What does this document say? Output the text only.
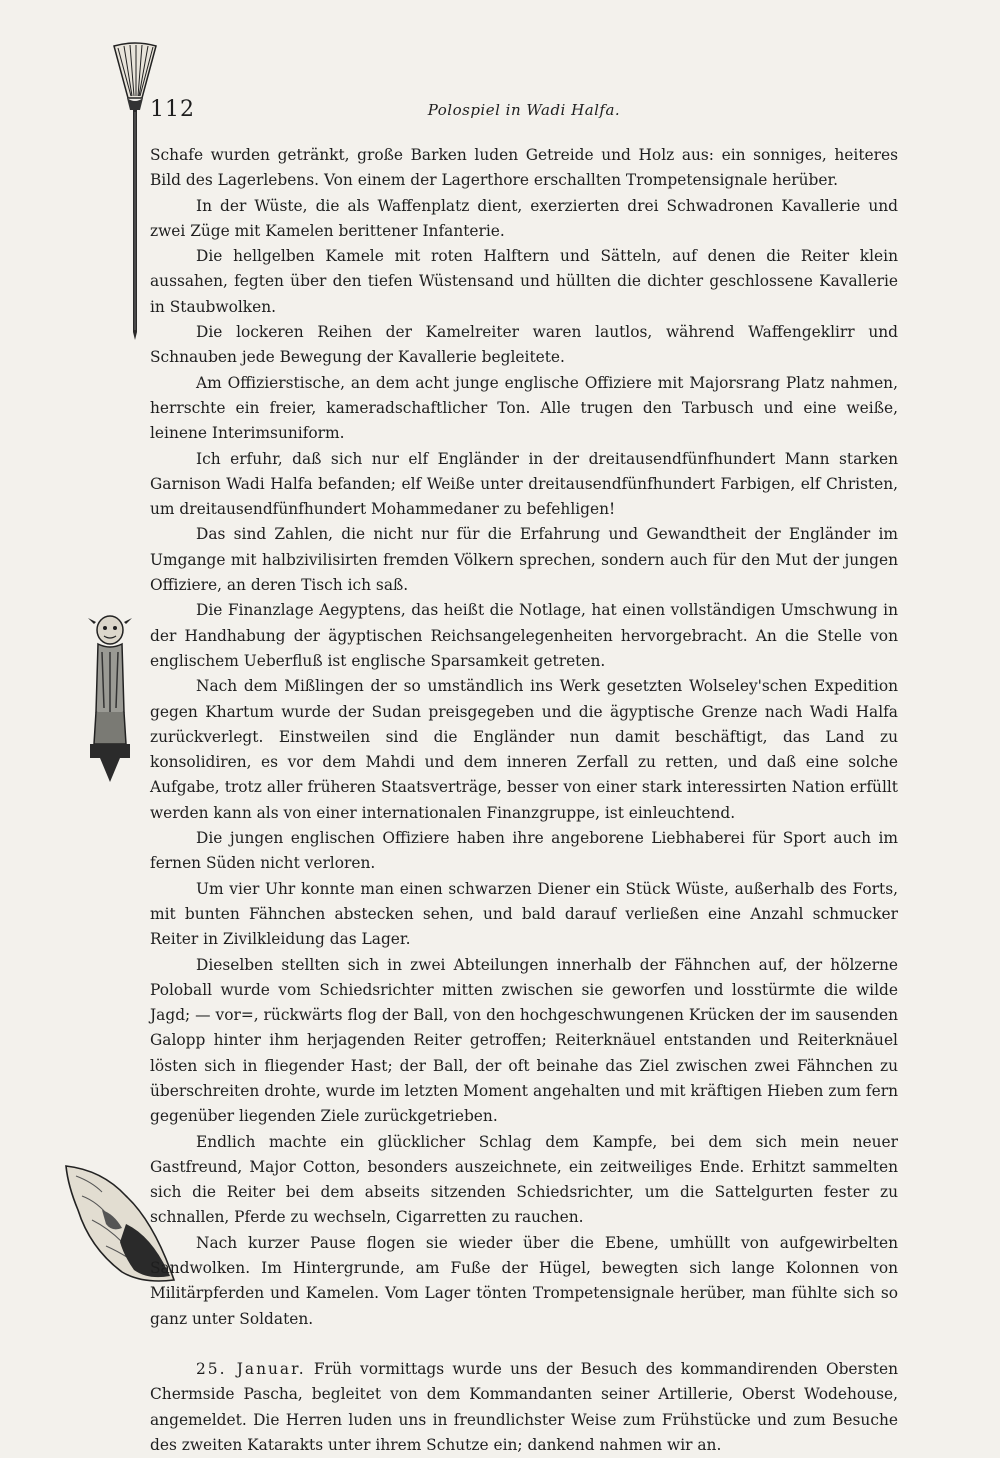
112	Polospiel in Wadi Halfa.

Schafe wurden getränkt, große Barken luden Getreide und Holz aus: ein sonniges, heiteres Bild des Lagerlebens. Von einem der Lagerthore erschallten Trompetensignale herüber.

In der Wüste, die als Waffenplatz dient, exerzierten drei Schwadronen Kavallerie und zwei Züge mit Kamelen berittener Infanterie.

Die hellgelben Kamele mit roten Halftern und Sätteln, auf denen die Reiter klein aussahen, fegten über den tiefen Wüstensand und hüllten die dichter geschlossene Kavallerie in Staubwolken.

Die lockeren Reihen der Kamelreiter waren lautlos, während Waffengeklirr und Schnauben jede Bewegung der Kavallerie begleitete.

Am Offizierstische, an dem acht junge englische Offiziere mit Majorsrang Platz nahmen, herrschte ein freier, kameradschaftlicher Ton. Alle trugen den Tarbusch und eine weiße, leinene Interimsuniform.

Ich erfuhr, daß sich nur elf Engländer in der dreitausendfünfhundert Mann starken Garnison Wadi Halfa befanden; elf Weiße unter dreitausendfünfhundert Farbigen, elf Christen, um dreitausendfünfhundert Mohammedaner zu befehligen!

Das sind Zahlen, die nicht nur für die Erfahrung und Gewandtheit der Engländer im Umgange mit halbzivilisirten fremden Völkern sprechen, sondern auch für den Mut der jungen Offiziere, an deren Tisch ich saß.

Die Finanzlage Aegyptens, das heißt die Notlage, hat einen vollständigen Umschwung in der Handhabung der ägyptischen Reichsangelegenheiten hervorgebracht. An die Stelle von englischem Ueberfluß ist englische Sparsamkeit getreten.

Nach dem Mißlingen der so umständlich ins Werk gesetzten Wolseley'schen Expedition gegen Khartum wurde der Sudan preisgegeben und die ägyptische Grenze nach Wadi Halfa zurückverlegt. Einstweilen sind die Engländer nun damit beschäftigt, das Land zu konsolidiren, es vor dem Mahdi und dem inneren Zerfall zu retten, und daß eine solche Aufgabe, trotz aller früheren Staatsverträge, besser von einer stark interessirten Nation erfüllt werden kann als von einer internationalen Finanzgruppe, ist einleuchtend.

Die jungen englischen Offiziere haben ihre angeborene Liebhaberei für Sport auch im fernen Süden nicht verloren.

Um vier Uhr konnte man einen schwarzen Diener ein Stück Wüste, außerhalb des Forts, mit bunten Fähnchen abstecken sehen, und bald darauf verließen eine Anzahl schmucker Reiter in Zivilkleidung das Lager.

Dieselben stellten sich in zwei Abteilungen innerhalb der Fähnchen auf, der hölzerne Poloball wurde vom Schiedsrichter mitten zwischen sie geworfen und losstürmte die wilde Jagd; — vor=, rückwärts flog der Ball, von den hochgeschwungenen Krücken der im sausenden Galopp hinter ihm herjagenden Reiter getroffen; Reiterknäuel entstanden und Reiterknäuel lösten sich in fliegender Hast; der Ball, der oft beinahe das Ziel zwischen zwei Fähnchen zu überschreiten drohte, wurde im letzten Moment angehalten und mit kräftigen Hieben zum fern gegenüber liegenden Ziele zurückgetrieben.

Endlich machte ein glücklicher Schlag dem Kampfe, bei dem sich mein neuer Gastfreund, Major Cotton, besonders auszeichnete, ein zeitweiliges Ende. Erhitzt sammelten sich die Reiter bei dem abseits sitzenden Schiedsrichter, um die Sattelgurten fester zu schnallen, Pferde zu wechseln, Cigarretten zu rauchen.

Nach kurzer Pause flogen sie wieder über die Ebene, umhüllt von aufgewirbelten Sandwolken. Im Hintergrunde, am Fuße der Hügel, bewegten sich lange Kolonnen von Militärpferden und Kamelen. Vom Lager tönten Trompetensignale herüber, man fühlte sich so ganz unter Soldaten.

25. Januar. Früh vormittags wurde uns der Besuch des kommandirenden Obersten Chermside Pascha, begleitet von dem Kommandanten seiner Artillerie, Oberst Wodehouse, angemeldet. Die Herren luden uns in freundlichster Weise zum Frühstücke und zum Besuche des zweiten Katarakts unter ihrem Schutze ein; dankend nahmen wir an.
